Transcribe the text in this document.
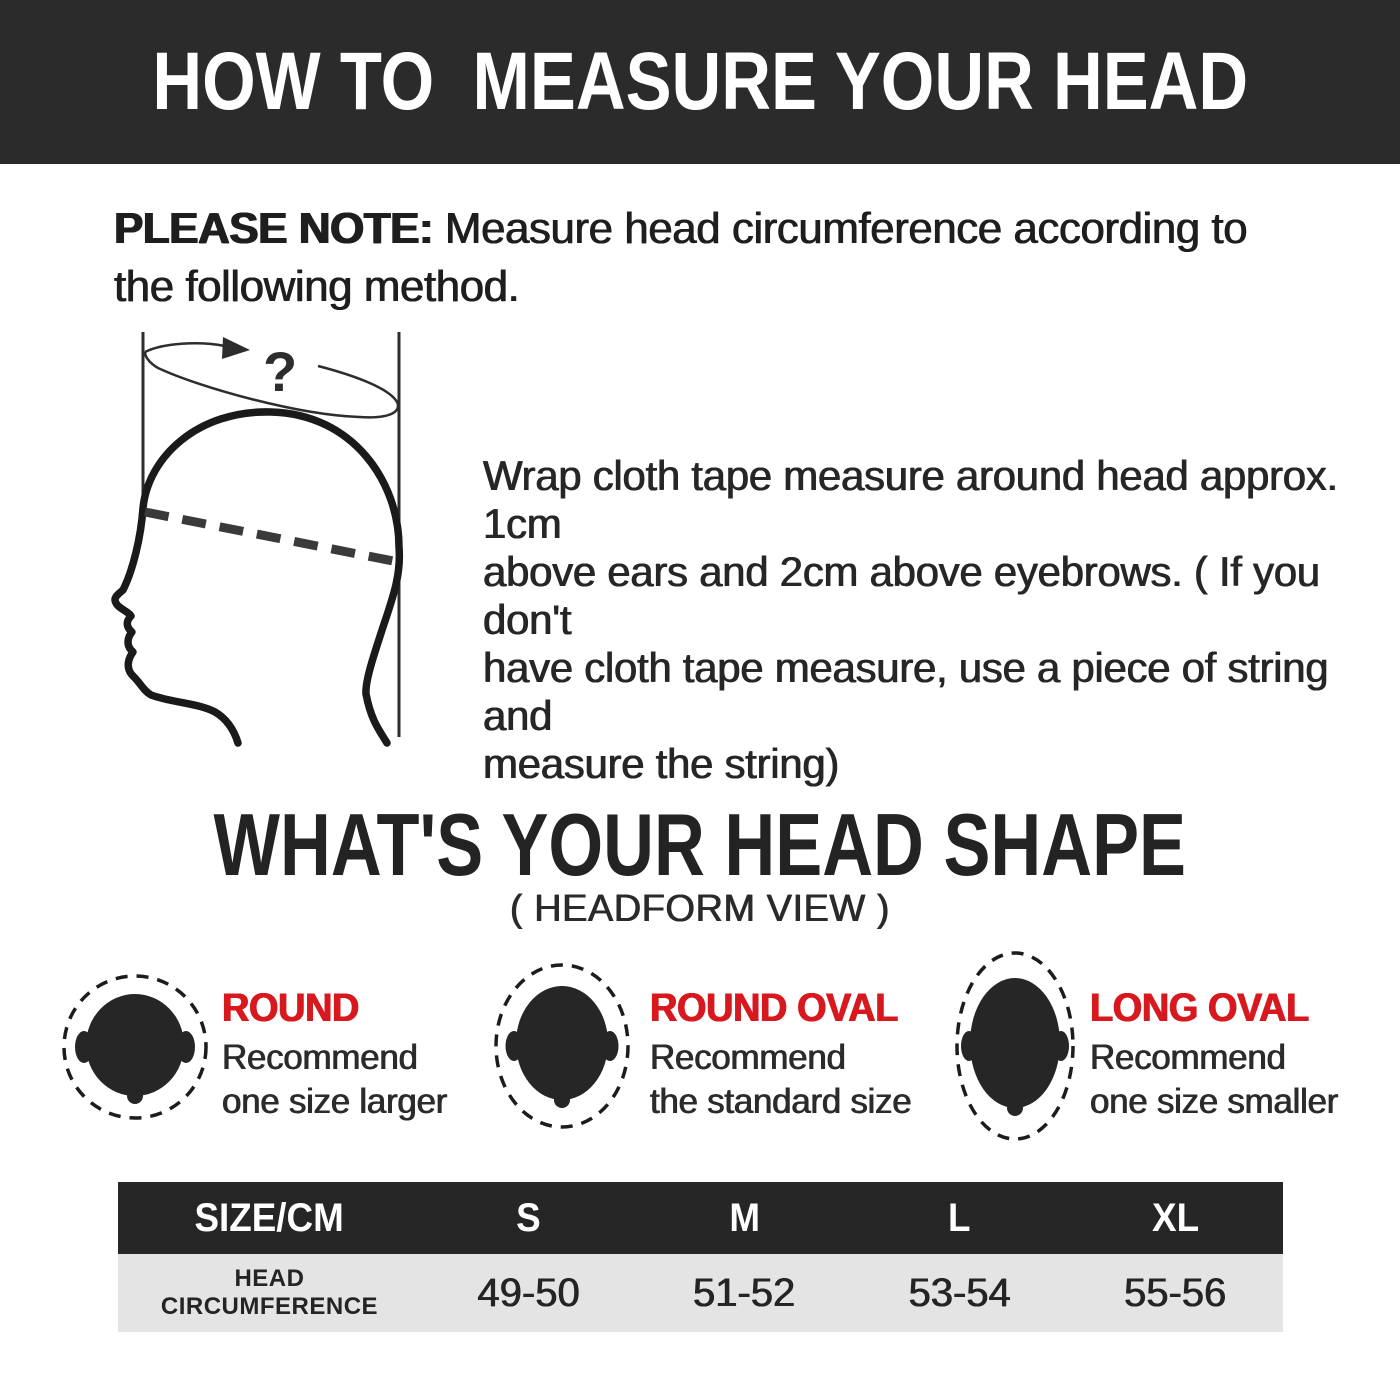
HOW TO  MEASURE YOUR HEAD
PLEASE NOTE: Measure head circumference according to
the following method.
?
Wrap cloth tape measure around head approx. 1cm
above ears and 2cm above eyebrows. ( If you don't
have cloth tape measure, use a piece of string and
measure the string)
WHAT'S YOUR HEAD SHAPE
( HEADFORM VIEW )
ROUND
Recommend
one size larger
ROUND OVAL
Recommend
the standard size
LONG OVAL
Recommend
one size smaller
SIZE/CM	S	M	L	XL
HEAD
CIRCUMFERENCE 49-50	51-52	53-54	55-56
